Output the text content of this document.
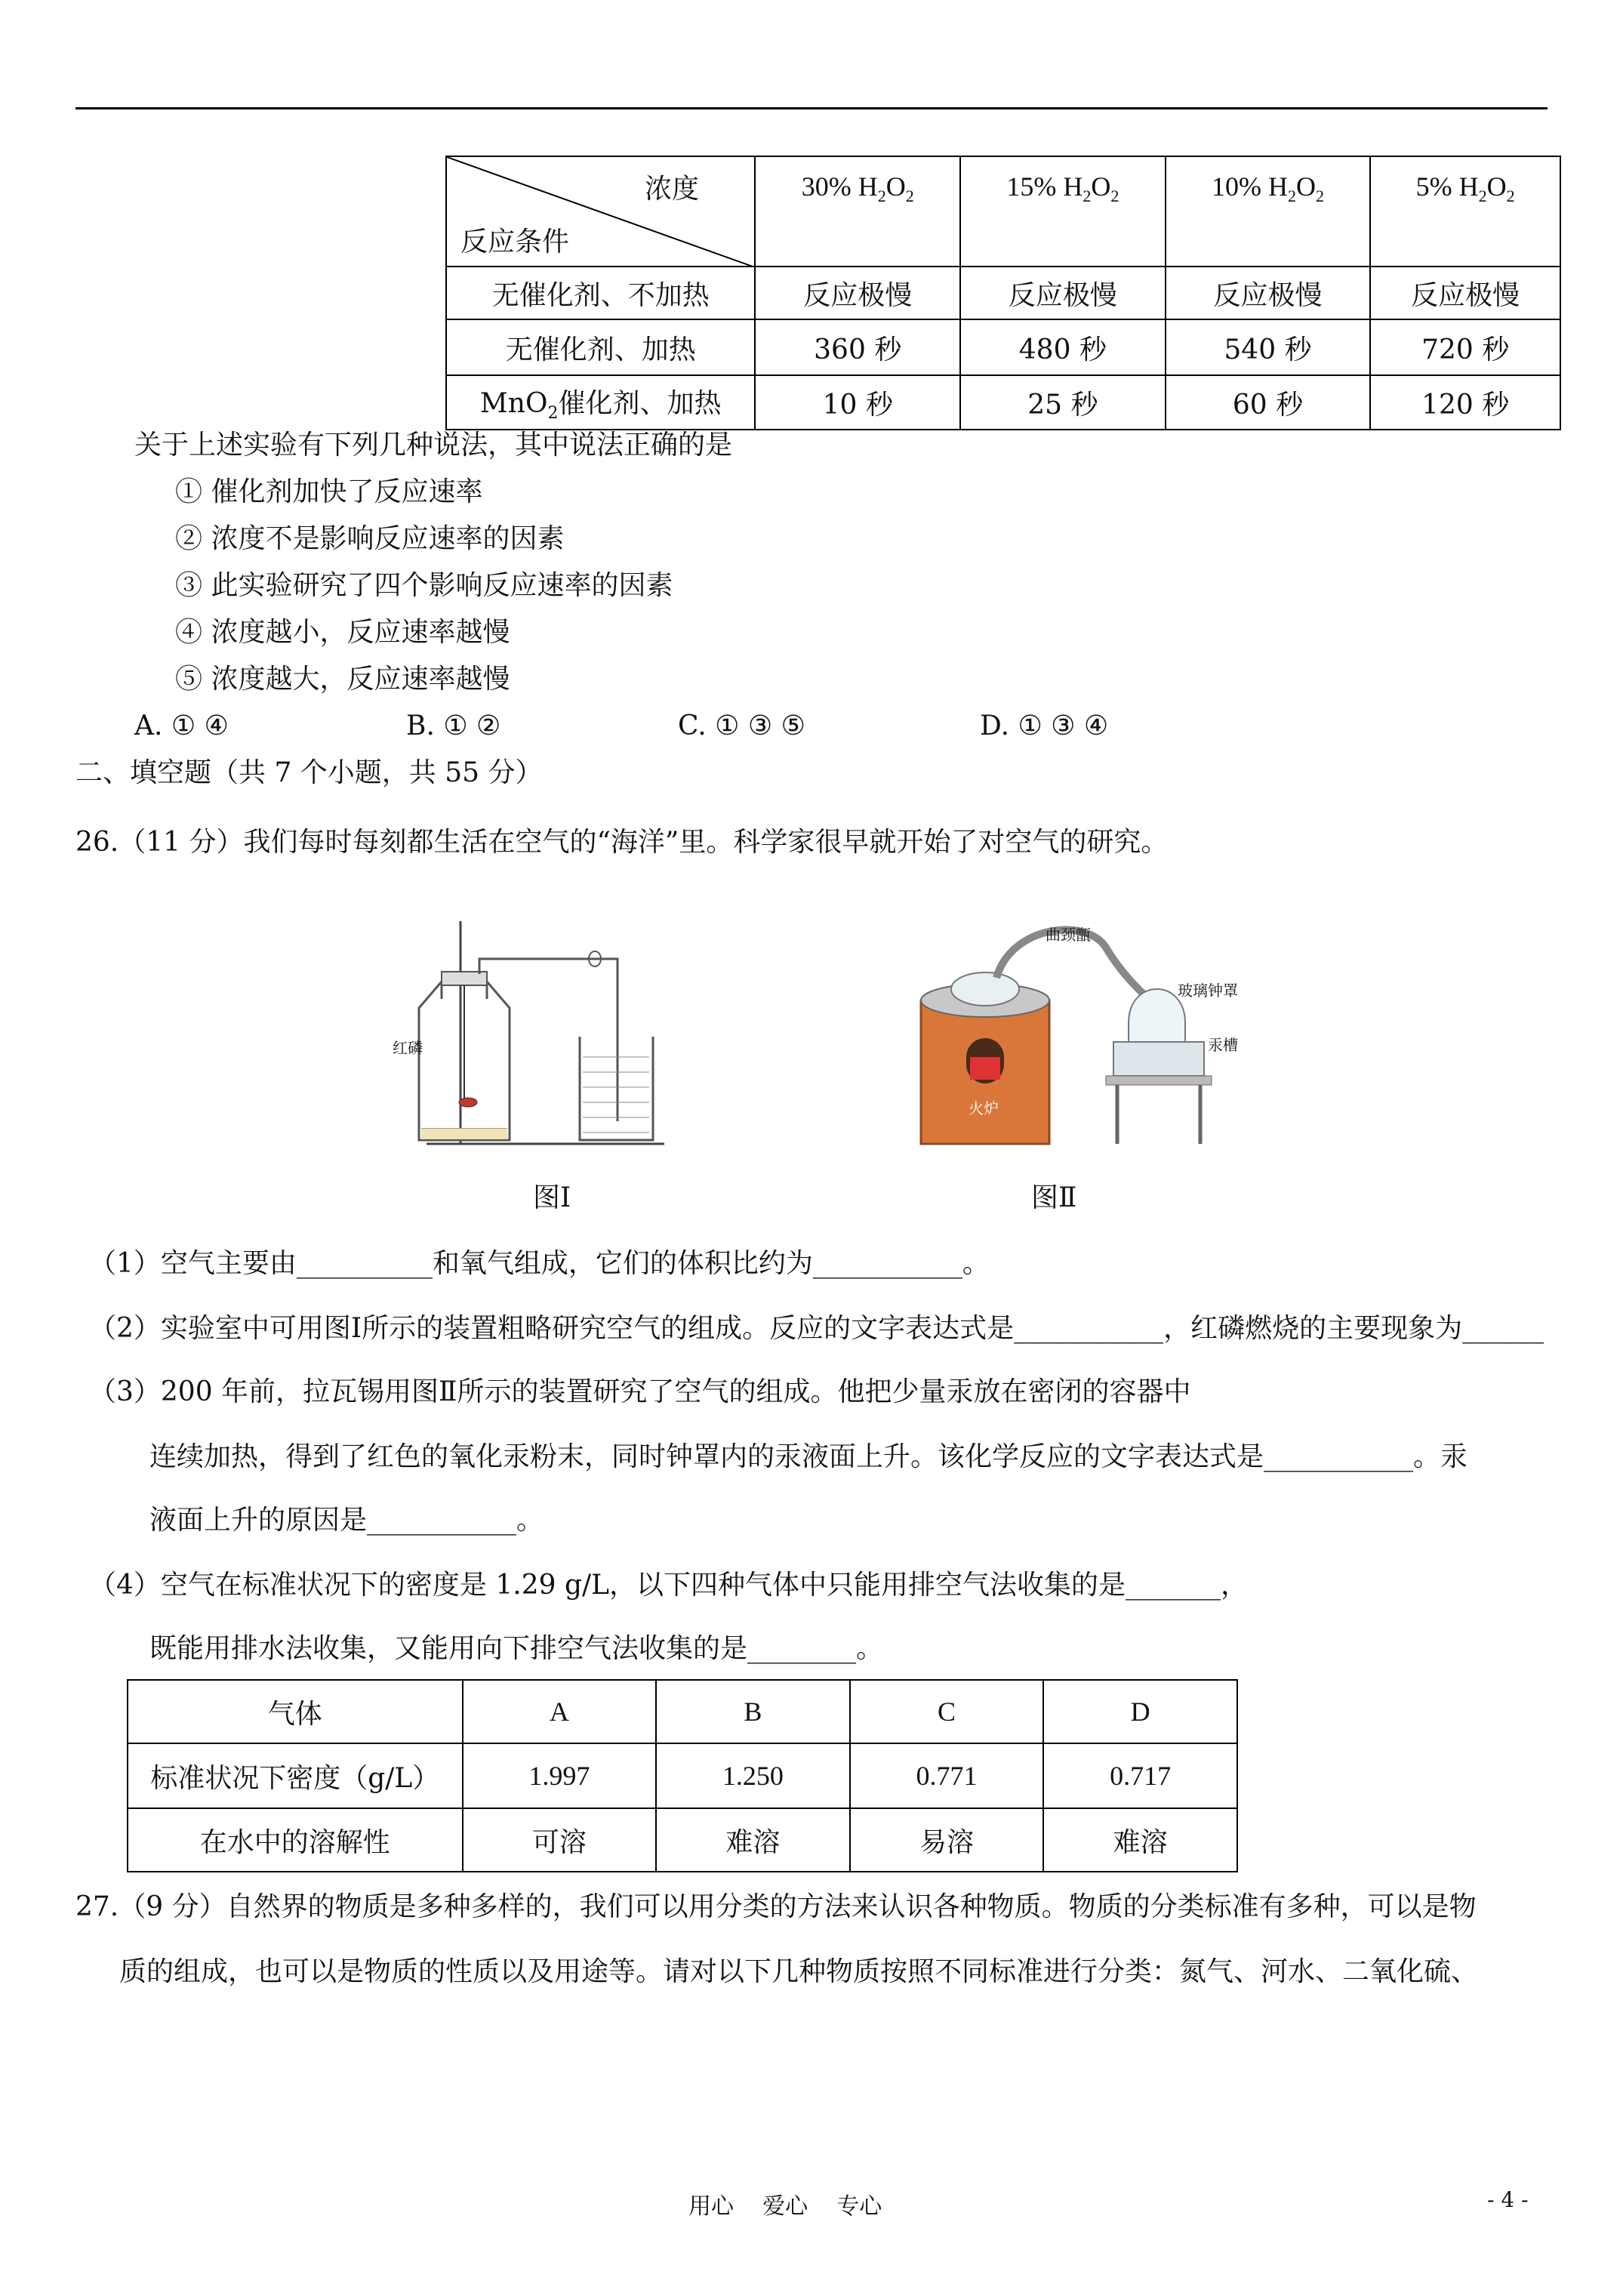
浓度
反应条件	30% $H_2O_2$	15% $H_2O_2$	10% $H_2O_2$	5% $H_2O_2$
无催化剂、不加热	反应极慢	反应极慢	反应极慢	反应极慢
无催化剂、加热	360 秒	480 秒	540 秒	720 秒
MnO$_2$催化剂、加热	10 秒	25 秒	60 秒	120 秒
关于上述实验有下列几种说法，其中说法正确的是
① 催化剂加快了反应速率
② 浓度不是影响反应速率的因素
③ 此实验研究了四个影响反应速率的因素
④ 浓度越小，反应速率越慢
⑤ 浓度越大，反应速率越慢
A. ① ④	B. ① ②	C. ① ③ ⑤	D. ① ③ ④
二、填空题（共 7 个小题，共 55 分）
26.（11 分）我们每时每刻都生活在空气的“海洋”里。科学家很早就开始了对空气的研究。
红磷
图Ⅰ
曲颈甑
玻璃钟罩
汞槽
火炉
图Ⅱ
（1）空气主要由__________和氧气组成，它们的体积比约为___________。
（2）实验室中可用图Ⅰ所示的装置粗略研究空气的组成。反应的文字表达式是___________，红磷燃烧的主要现象为______
（3）200 年前，拉瓦锡用图Ⅱ所示的装置研究了空气的组成。他把少量汞放在密闭的容器中
连续加热，得到了红色的氧化汞粉末，同时钟罩内的汞液面上升。该化学反应的文字表达式是___________。汞
液面上升的原因是___________。
（4）空气在标准状况下的密度是 1.29 g/L，以下四种气体中只能用排空气法收集的是_______，
既能用排水法收集，又能用向下排空气法收集的是________。
气体	A	B	C	D
标准状况下密度（g/L）	1.997	1.250	0.771	0.717
在水中的溶解性	可溶	难溶	易溶	难溶
27.（9 分）自然界的物质是多种多样的，我们可以用分类的方法来认识各种物质。物质的分类标准有多种，可以是物
质的组成，也可以是物质的性质以及用途等。请对以下几种物质按照不同标准进行分类：氮气、河水、二氧化硫、
用心    爱心    专心	- 4 -
